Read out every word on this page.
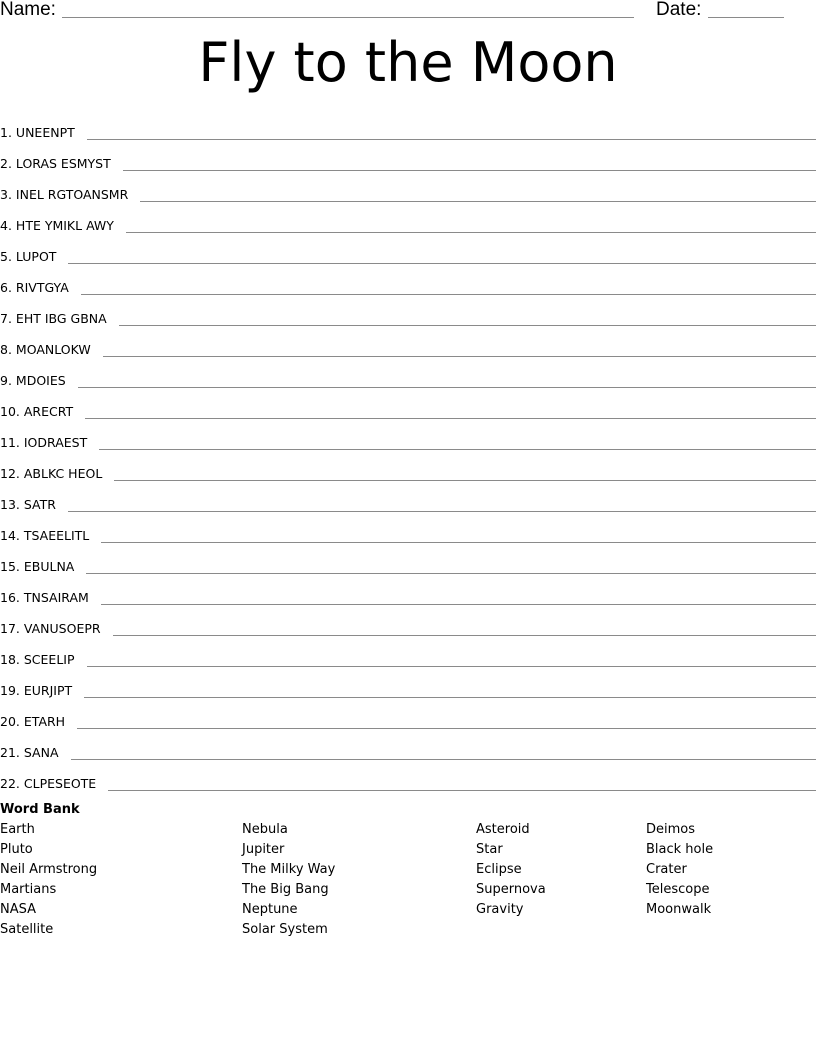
Name:	Date:
Fly to the Moon
1.
UNEENPT
2.
LORAS ESMYST
3.
INEL RGTOANSMR
4.
HTE YMIKL AWY
5.
LUPOT
6.
RIVTGYA
7.
EHT IBG GBNA
8.
MOANLOKW
9.
MDOIES
10.
ARECRT
11.
IODRAEST
12.
ABLKC HEOL
13.
SATR
14.
TSAEELITL
15.
EBULNA
16.
TNSAIRAM
17.
VANUSOEPR
18.
SCEELIP
19.
EURJIPT
20.
ETARH
21.
SANA
22.
CLPESEOTE
Word Bank
Earth
Pluto
Neil Armstrong
Martians
NASA
Satellite
Nebula
Jupiter
The Milky Way
The Big Bang
Neptune
Solar System
Asteroid
Star
Eclipse
Supernova
Gravity
Deimos
Black hole
Crater
Telescope
Moonwalk
